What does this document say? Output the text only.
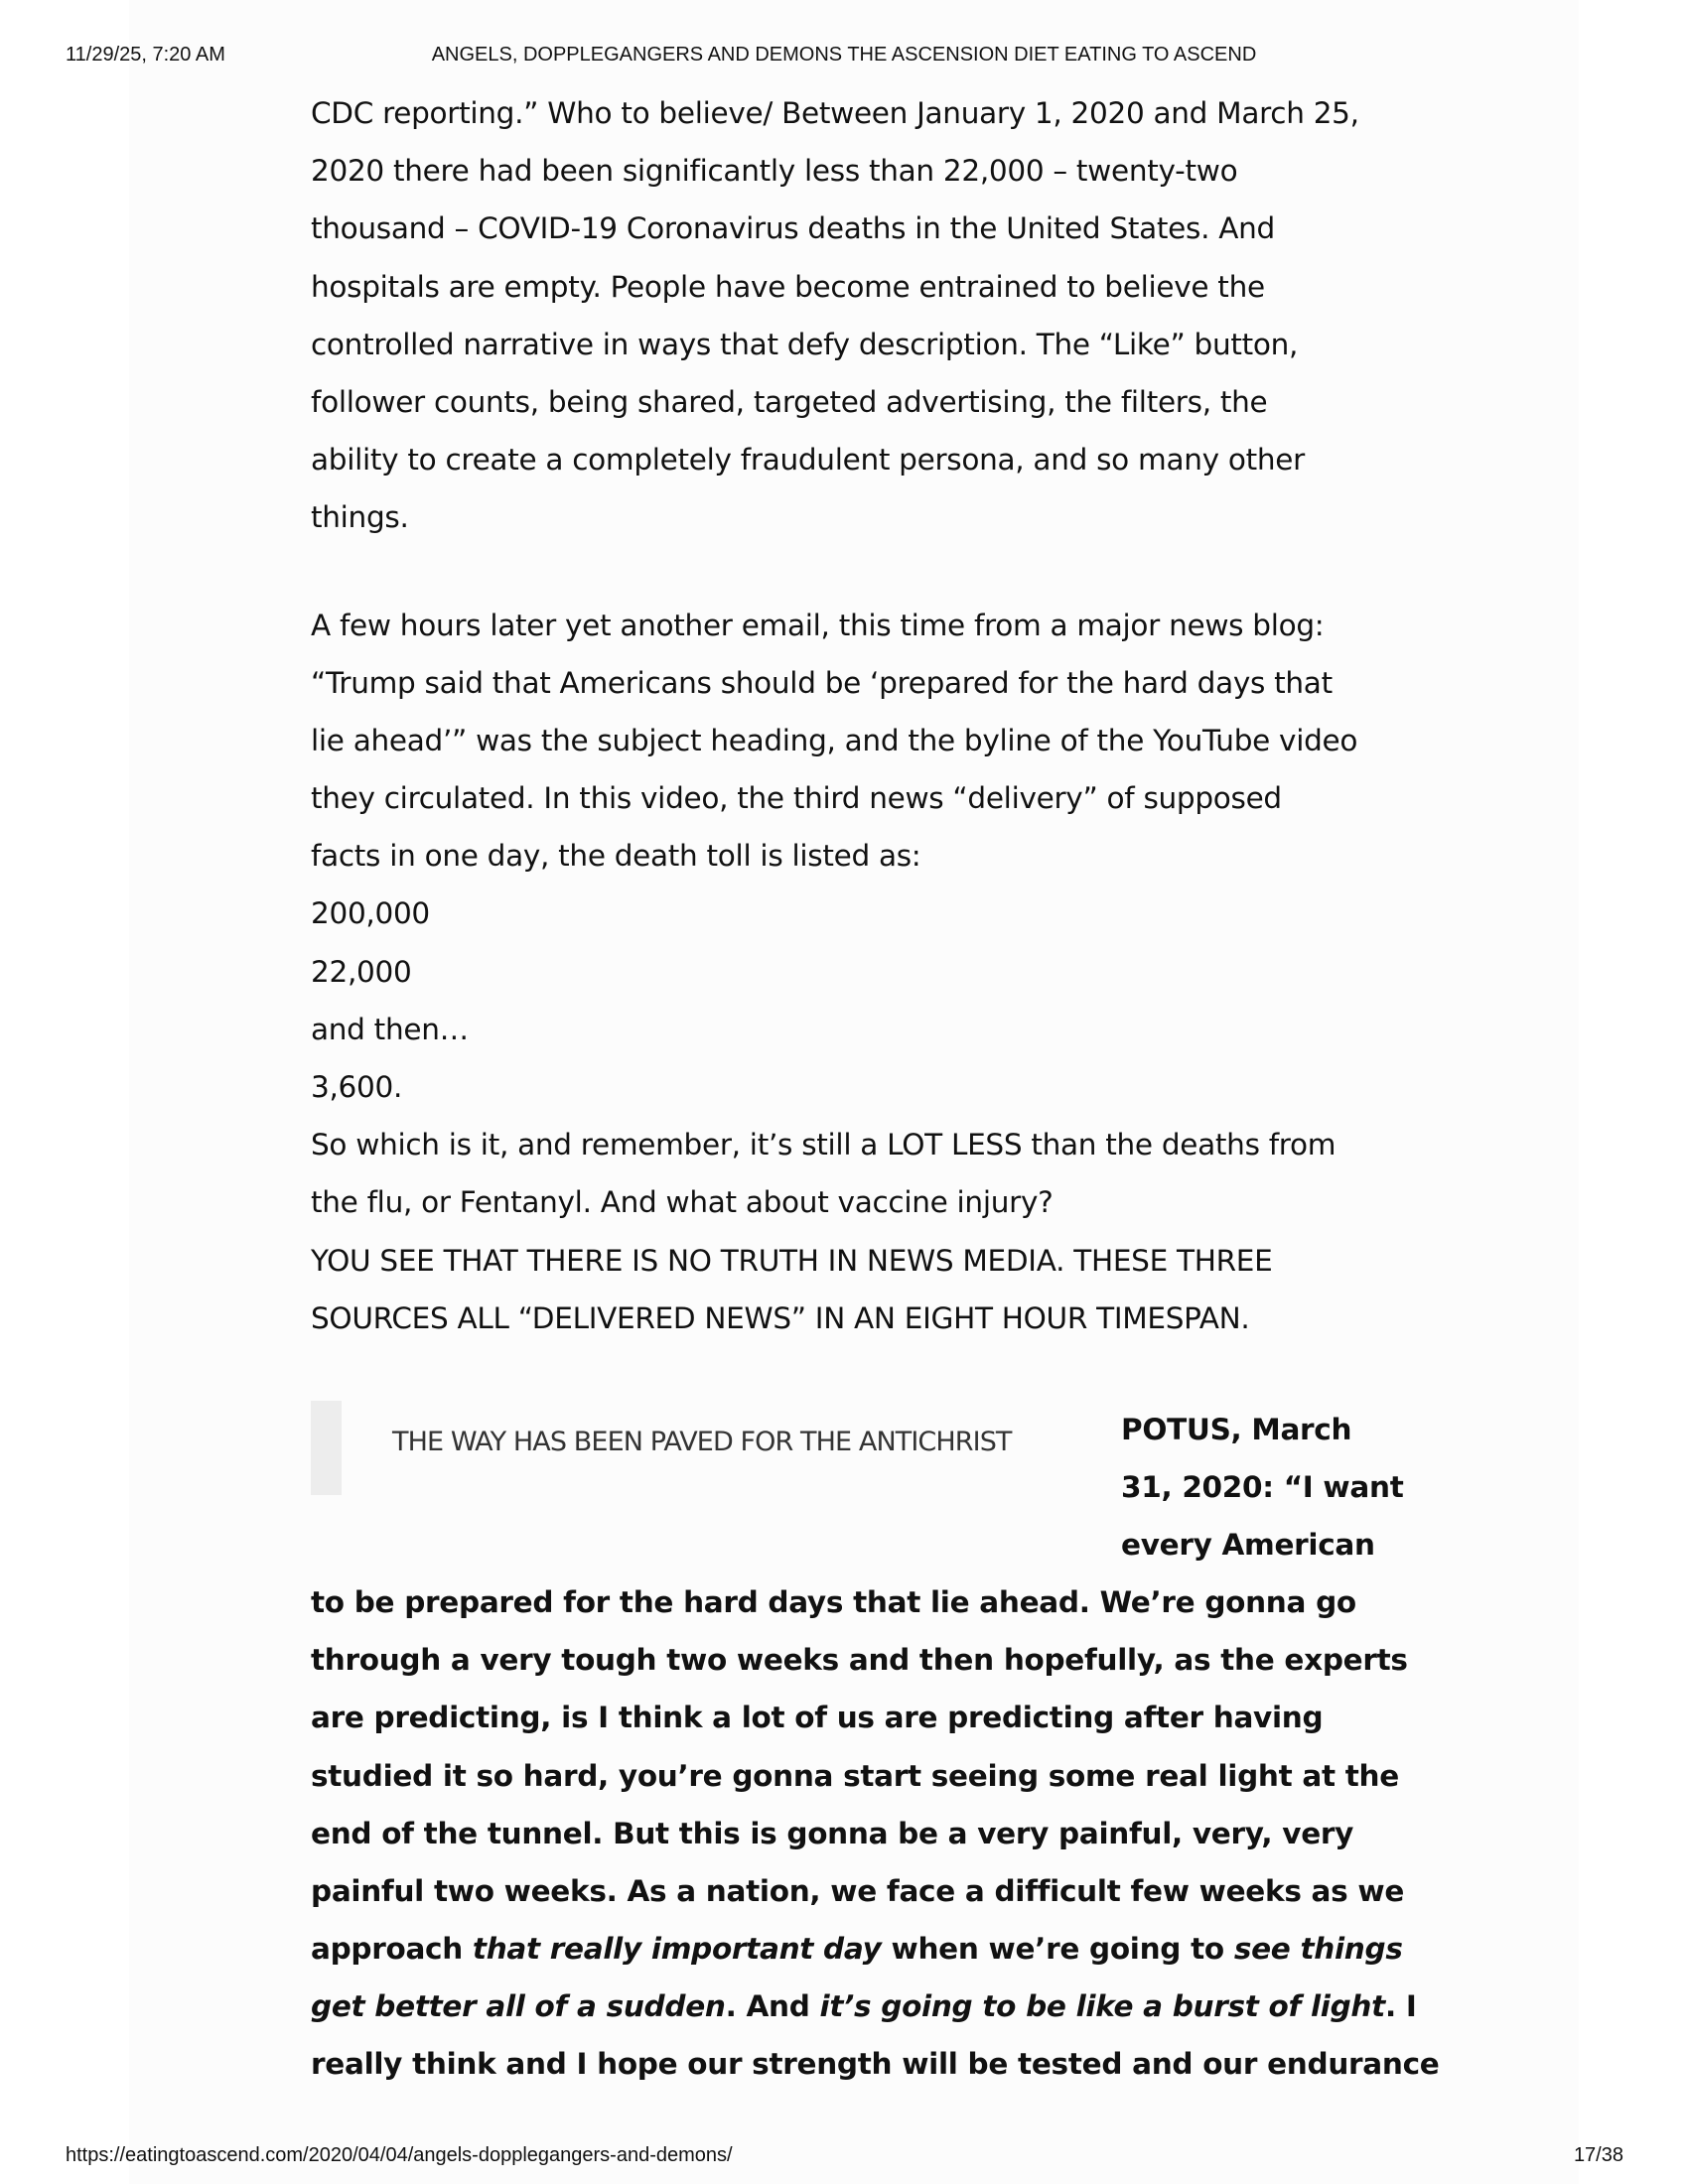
11/29/25, 7:20 AM	ANGELS, DOPPLEGANGERS AND DEMONS THE ASCENSION DIET EATING TO ASCEND
CDC reporting.” Who to believe/ Between January 1, 2020 and March 25,
2020 there had been significantly less than 22,000 – twenty-two
thousand – COVID-19 Coronavirus deaths in the United States. And
hospitals are empty. People have become entrained to believe the
controlled narrative in ways that defy description. The “Like” button,
follower counts, being shared, targeted advertising, the filters, the
ability to create a completely fraudulent persona, and so many other
things.
A few hours later yet another email, this time from a major news blog:
“Trump said that Americans should be ‘prepared for the hard days that
lie ahead’” was the subject heading, and the byline of the YouTube video
they circulated. In this video, the third news “delivery” of supposed
facts in one day, the death toll is listed as:
200,000
22,000
and then…
3,600.
So which is it, and remember, it’s still a LOT LESS than the deaths from
the flu, or Fentanyl. And what about vaccine injury?
YOU SEE THAT THERE IS NO TRUTH IN NEWS MEDIA. THESE THREE
SOURCES ALL “DELIVERED NEWS” IN AN EIGHT HOUR TIMESPAN.
THE WAY HAS BEEN PAVED FOR THE ANTICHRIST	POTUS, March
31, 2020: “I want
every American
to be prepared for the hard days that lie ahead. We’re gonna go
through a very tough two weeks and then hopefully, as the experts
are predicting, is I think a lot of us are predicting after having
studied it so hard, you’re gonna start seeing some real light at the
end of the tunnel. But this is gonna be a very painful, very, very
painful two weeks. As a nation, we face a difficult few weeks as we
approach that really important day when we’re going to see things
get better all of a sudden. And it’s going to be like a burst of light. I
really think and I hope our strength will be tested and our endurance
https://eatingtoascend.com/2020/04/04/angels-dopplegangers-and-demons/	17/38
